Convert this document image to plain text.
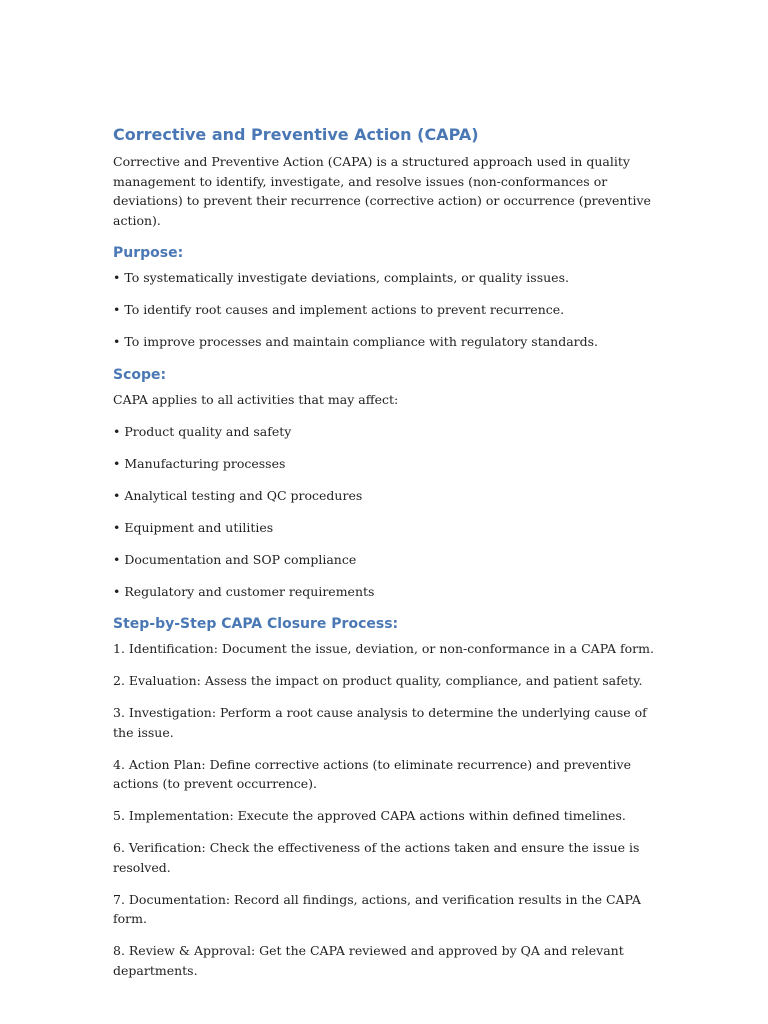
Corrective and Preventive Action (CAPA)

Corrective and Preventive Action (CAPA) is a structured approach used in quality management to identify, investigate, and resolve issues (non-conformances or deviations) to prevent their recurrence (corrective action) or occurrence (preventive action).

Purpose:

• To systematically investigate deviations, complaints, or quality issues.

• To identify root causes and implement actions to prevent recurrence.

• To improve processes and maintain compliance with regulatory standards.

Scope:

CAPA applies to all activities that may affect:

• Product quality and safety

• Manufacturing processes

• Analytical testing and QC procedures

• Equipment and utilities

• Documentation and SOP compliance

• Regulatory and customer requirements

Step-by-Step CAPA Closure Process:

1. Identification: Document the issue, deviation, or non-conformance in a CAPA form.

2. Evaluation: Assess the impact on product quality, compliance, and patient safety.

3. Investigation: Perform a root cause analysis to determine the underlying cause of the issue.

4. Action Plan: Define corrective actions (to eliminate recurrence) and preventive actions (to prevent occurrence).

5. Implementation: Execute the approved CAPA actions within defined timelines.

6. Verification: Check the effectiveness of the actions taken and ensure the issue is resolved.

7. Documentation: Record all findings, actions, and verification results in the CAPA form.

8. Review & Approval: Get the CAPA reviewed and approved by QA and relevant departments.
